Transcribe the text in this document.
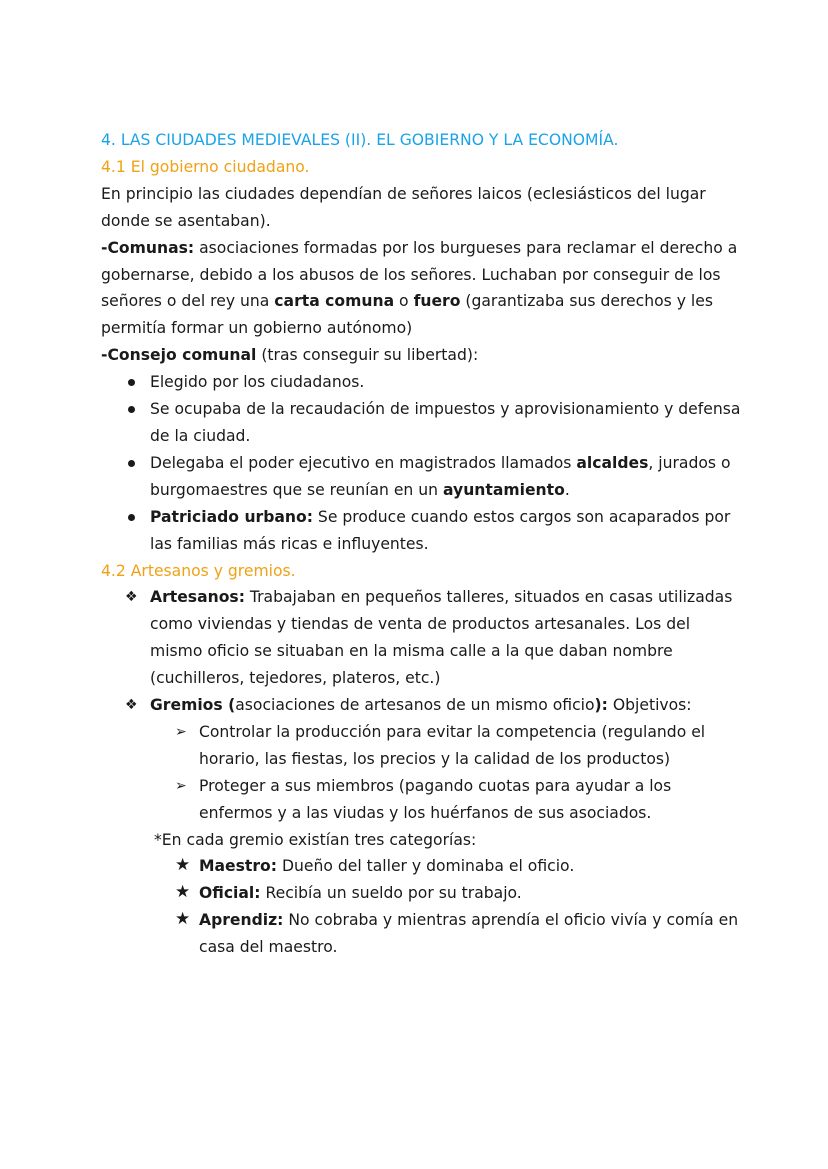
4. LAS CIUDADES MEDIEVALES (II). EL GOBIERNO Y LA ECONOMÍA.

4.1 El gobierno ciudadano.

En principio las ciudades dependían de señores laicos (eclesiásticos del lugar donde se asentaban).

-Comunas: asociaciones formadas por los burgueses para reclamar el derecho a gobernarse, debido a los abusos de los señores. Luchaban por conseguir de los señores o del rey una carta comuna o fuero (garantizaba sus derechos y les permitía formar un gobierno autónomo)

-Consejo comunal (tras conseguir su libertad):

Elegido por los ciudadanos.
Se ocupaba de la recaudación de impuestos y aprovisionamiento y defensa de la ciudad.
Delegaba el poder ejecutivo en magistrados llamados alcaldes, jurados o burgomaestres que se reunían en un ayuntamiento.
Patriciado urbano: Se produce cuando estos cargos son acaparados por las familias más ricas e influyentes.

4.2 Artesanos y gremios.

❖ Artesanos: Trabajaban en pequeños talleres, situados en casas utilizadas como viviendas y tiendas de venta de productos artesanales. Los del mismo oficio se situaban en la misma calle a la que daban nombre (cuchilleros, tejedores, plateros, etc.)
❖ Gremios (asociaciones de artesanos de un mismo oficio): Objetivos:
➢ Controlar la producción para evitar la competencia (regulando el horario, las fiestas, los precios y la calidad de los productos)
➢ Proteger a sus miembros (pagando cuotas para ayudar a los enfermos y a las viudas y los huérfanos de sus asociados.

*En cada gremio existían tres categorías:

★ Maestro: Dueño del taller y dominaba el oficio.
★ Oficial: Recibía un sueldo por su trabajo.
★ Aprendiz: No cobraba y mientras aprendía el oficio vivía y comía en casa del maestro.
